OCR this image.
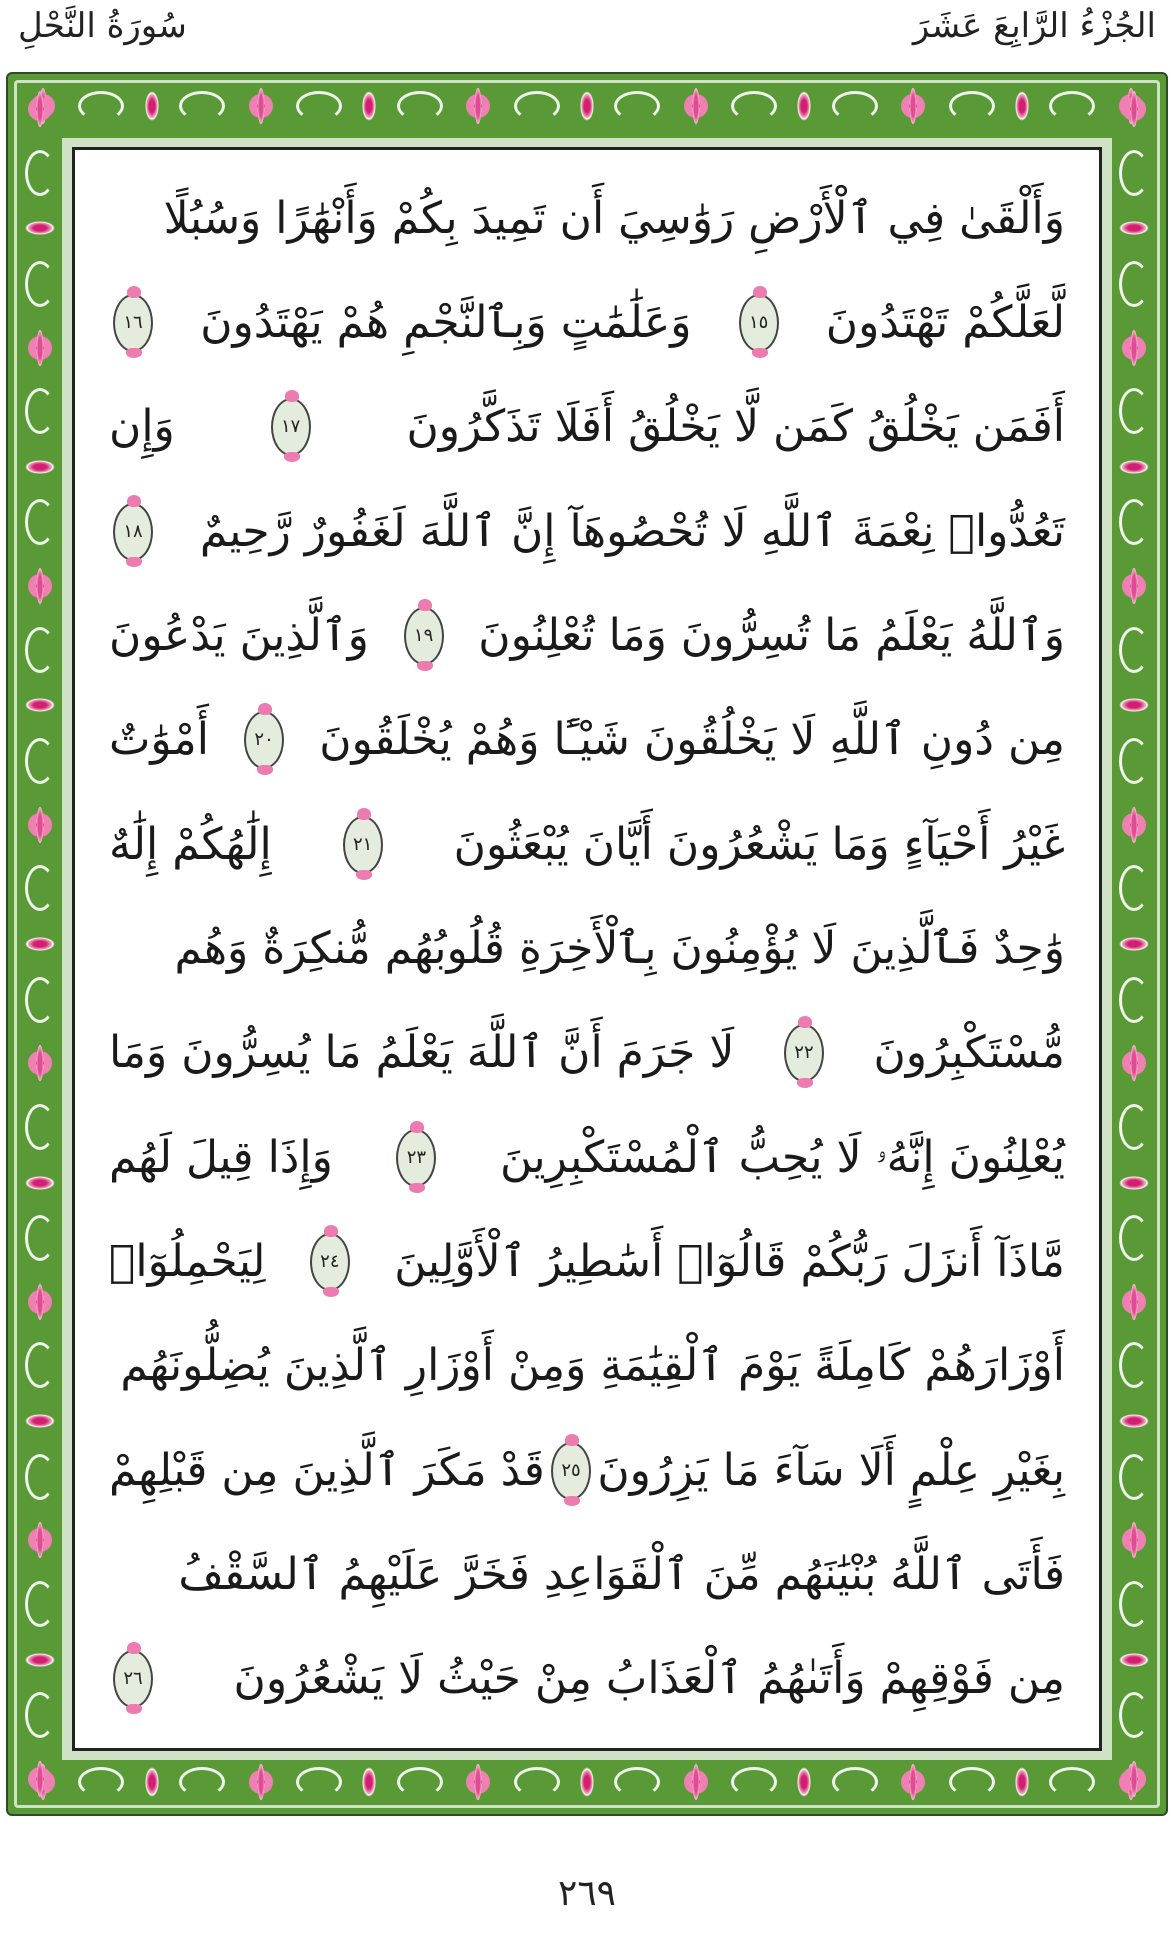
الجُزْءُ الرَّابِعَ عَشَرَ
سُورَةُ النَّحْلِ
وَأَلْقَىٰ فِي ٱلْأَرْضِ رَوَٰسِيَ أَن تَمِيدَ بِكُمْ وَأَنْهَٰرًا وَسُبُلًا
لَّعَلَّكُمْ تَهْتَدُونَ
١٥
وَعَلَٰمَٰتٍ وَبِٱلنَّجْمِ هُمْ يَهْتَدُونَ
١٦
أَفَمَن يَخْلُقُ كَمَن لَّا يَخْلُقُ أَفَلَا تَذَكَّرُونَ
١٧
وَإِن
تَعُدُّوا۟ نِعْمَةَ ٱللَّهِ لَا تُحْصُوهَآ إِنَّ ٱللَّهَ لَغَفُورٌ رَّحِيمٌ
١٨
وَٱللَّهُ يَعْلَمُ مَا تُسِرُّونَ وَمَا تُعْلِنُونَ
١٩
وَٱلَّذِينَ يَدْعُونَ
مِن دُونِ ٱللَّهِ لَا يَخْلُقُونَ شَيْـًٔا وَهُمْ يُخْلَقُونَ
٢٠
أَمْوَٰتٌ
غَيْرُ أَحْيَآءٍ وَمَا يَشْعُرُونَ أَيَّانَ يُبْعَثُونَ
٢١
إِلَٰهُكُمْ إِلَٰهٌ
وَٰحِدٌ فَٱلَّذِينَ لَا يُؤْمِنُونَ بِٱلْأَخِرَةِ قُلُوبُهُم مُّنكِرَةٌ وَهُم
مُّسْتَكْبِرُونَ
٢٢
لَا جَرَمَ أَنَّ ٱللَّهَ يَعْلَمُ مَا يُسِرُّونَ وَمَا
يُعْلِنُونَ إِنَّهُۥ لَا يُحِبُّ ٱلْمُسْتَكْبِرِينَ
٢٣
وَإِذَا قِيلَ لَهُم
مَّاذَآ أَنزَلَ رَبُّكُمْ قَالُوٓا۟ أَسَٰطِيرُ ٱلْأَوَّلِينَ
٢٤
لِيَحْمِلُوٓا۟
أَوْزَارَهُمْ كَامِلَةً يَوْمَ ٱلْقِيَٰمَةِ وَمِنْ أَوْزَارِ ٱلَّذِينَ يُضِلُّونَهُم
بِغَيْرِ عِلْمٍ أَلَا سَآءَ مَا يَزِرُونَ
٢٥
قَدْ مَكَرَ ٱلَّذِينَ مِن قَبْلِهِمْ
فَأَتَى ٱللَّهُ بُنْيَٰنَهُم مِّنَ ٱلْقَوَاعِدِ فَخَرَّ عَلَيْهِمُ ٱلسَّقْفُ
مِن فَوْقِهِمْ وَأَتَىٰهُمُ ٱلْعَذَابُ مِنْ حَيْثُ لَا يَشْعُرُونَ
٢٦
٢٦٩
